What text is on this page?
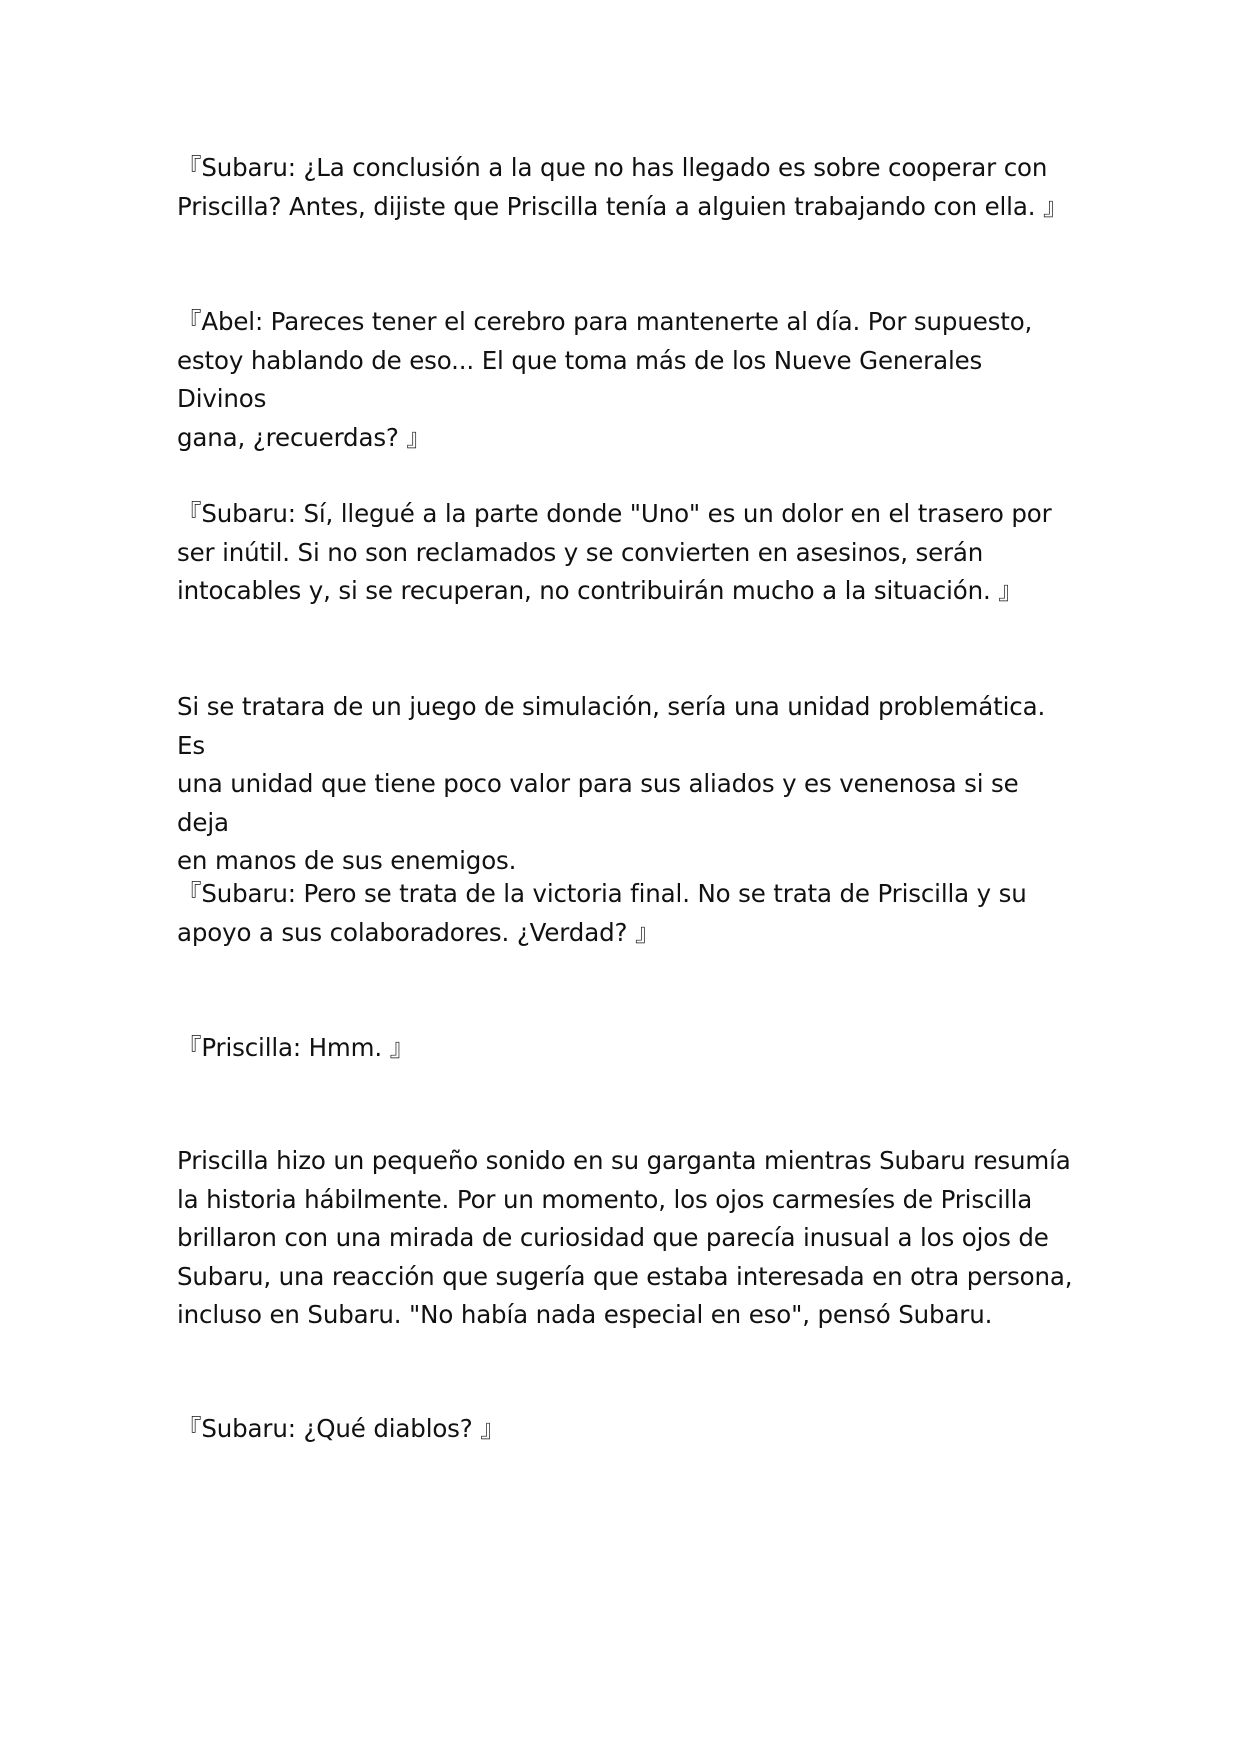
『Subaru: ¿La conclusión a la que no has llegado es sobre cooperar con
Priscilla? Antes, dijiste que Priscilla tenía a alguien trabajando con ella. 』

『Abel: Pareces tener el cerebro para mantenerte al día. Por supuesto,
estoy hablando de eso... El que toma más de los Nueve Generales Divinos
gana, ¿recuerdas? 』

『Subaru: Sí, llegué a la parte donde "Uno" es un dolor en el trasero por
ser inútil. Si no son reclamados y se convierten en asesinos, serán
intocables y, si se recuperan, no contribuirán mucho a la situación. 』

Si se tratara de un juego de simulación, sería una unidad problemática. Es
una unidad que tiene poco valor para sus aliados y es venenosa si se deja
en manos de sus enemigos.

『Subaru: Pero se trata de la victoria final. No se trata de Priscilla y su
apoyo a sus colaboradores. ¿Verdad? 』

『Priscilla: Hmm. 』

Priscilla hizo un pequeño sonido en su garganta mientras Subaru resumía
la historia hábilmente. Por un momento, los ojos carmesíes de Priscilla
brillaron con una mirada de curiosidad que parecía inusual a los ojos de
Subaru, una reacción que sugería que estaba interesada en otra persona,
incluso en Subaru. "No había nada especial en eso", pensó Subaru.

『Subaru: ¿Qué diablos? 』
